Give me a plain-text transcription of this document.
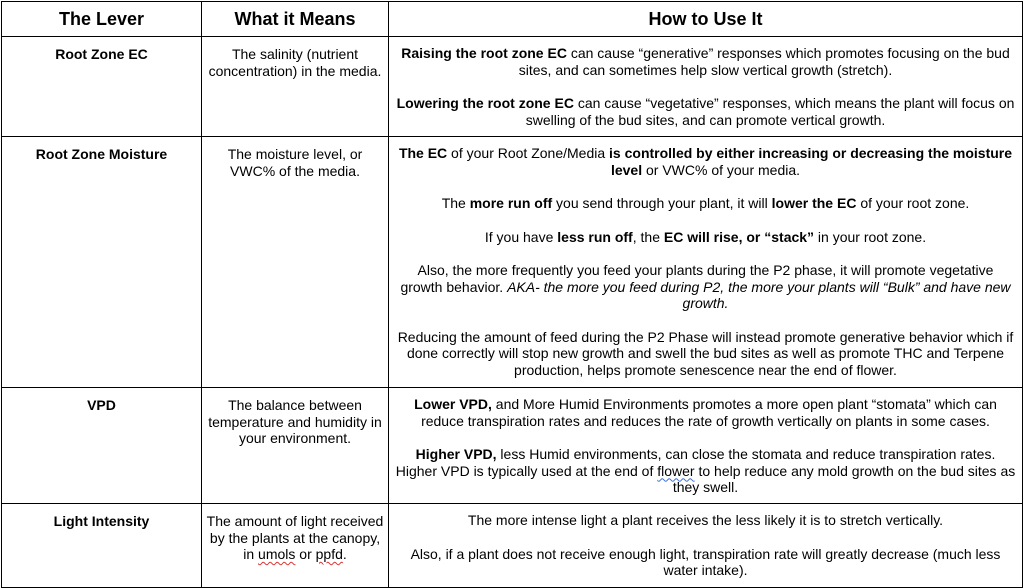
The Lever	What it Means	How to Use It
Root Zone EC	The salinity (nutrient concentration) in the media.	Raising the root zone EC can cause “generative” responses which promotes focusing on the bud sites, and can sometimes help slow vertical growth (stretch).

Lowering the root zone EC can cause “vegetative” responses, which means the plant will focus on swelling of the bud sites, and can promote vertical growth.

Root Zone Moisture	The moisture level, or VWC% of the media.	The EC of your Root Zone/Media is controlled by either increasing or decreasing the moisture level or VWC% of your media.

The more run off you send through your plant, it will lower the EC of your root zone.

If you have less run off, the EC will rise, or “stack” in your root zone.

Also, the more frequently you feed your plants during the P2 phase, it will promote vegetative growth behavior. AKA- the more you feed during P2, the more your plants will “Bulk” and have new growth.

Reducing the amount of feed during the P2 Phase will instead promote generative behavior which if done correctly will stop new growth and swell the bud sites as well as promote THC and Terpene production, helps promote senescence near the end of flower.

VPD	The balance between temperature and humidity in your environment.	Lower VPD, and More Humid Environments promotes a more open plant “stomata” which can reduce transpiration rates and reduces the rate of growth vertically on plants in some cases.

Higher VPD, less Humid environments, can close the stomata and reduce transpiration rates. Higher VPD is typically used at the end of flower to help reduce any mold growth on the bud sites as they swell.

Light Intensity	The amount of light received by the plants at the canopy, in umols or ppfd.	The more intense light a plant receives the less likely it is to stretch vertically.

Also, if a plant does not receive enough light, transpiration rate will greatly decrease (much less water intake).
